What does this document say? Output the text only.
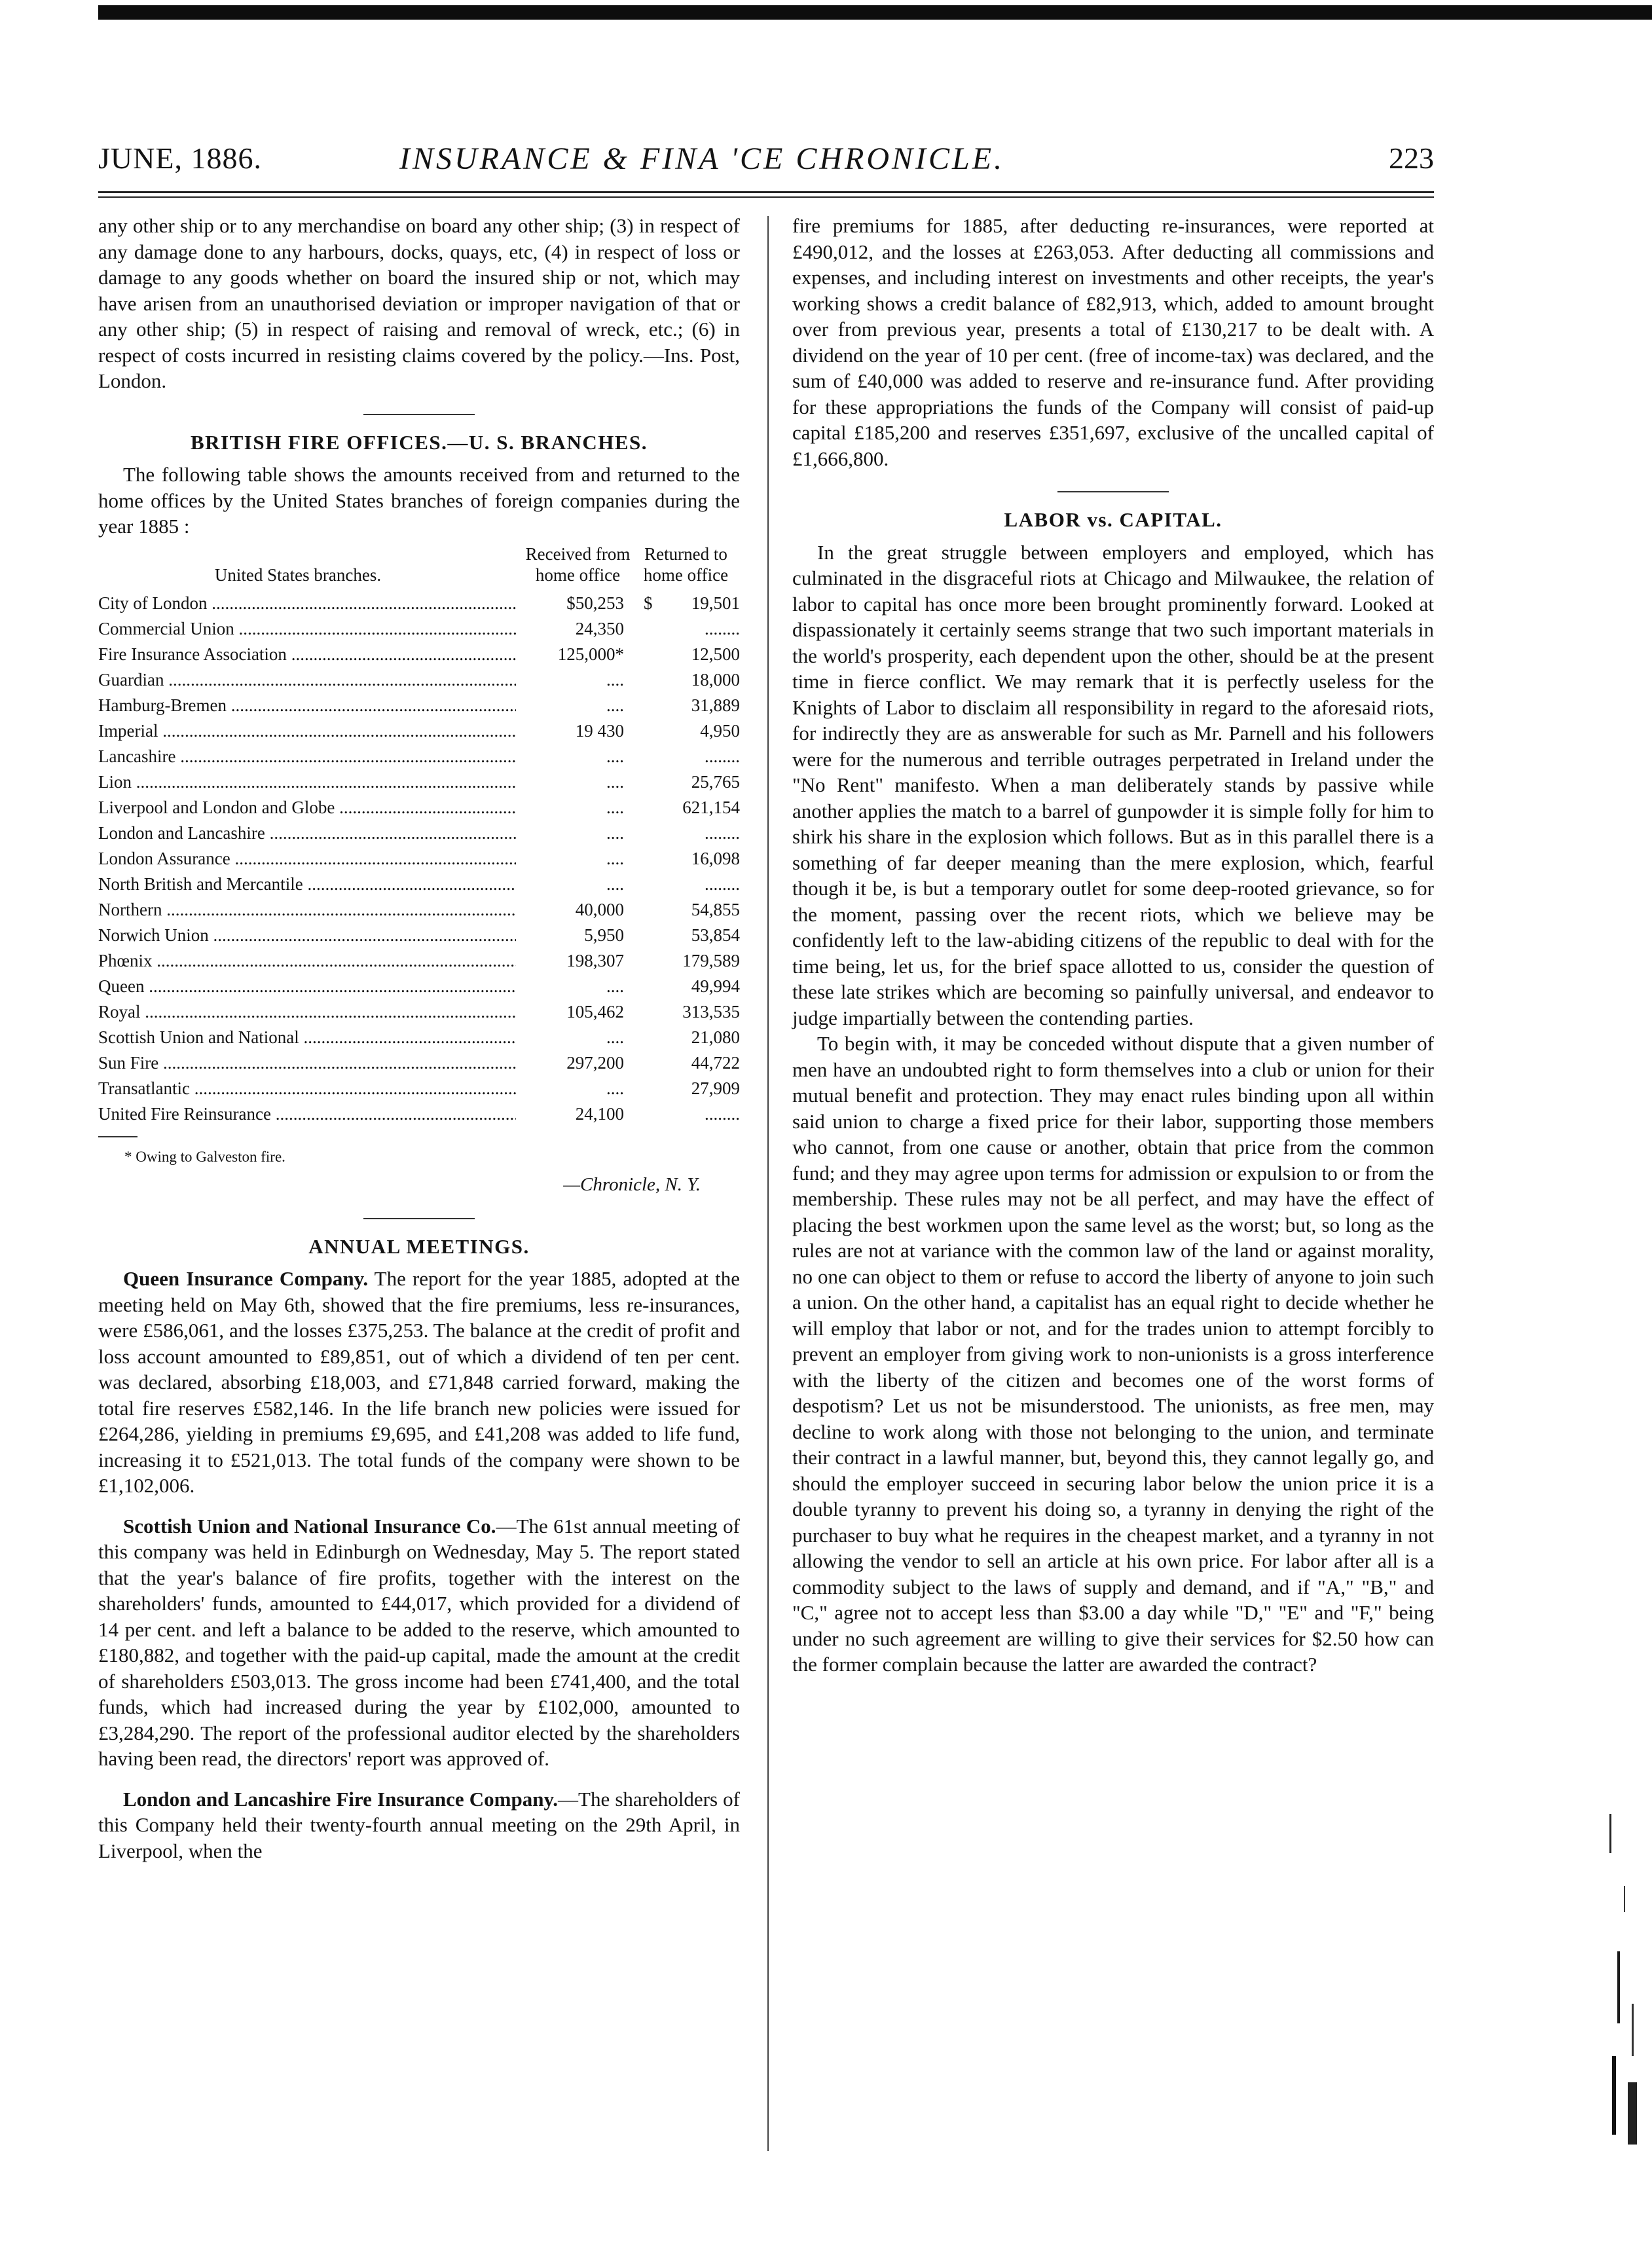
JUNE, 1886.	INSURANCE & FINA 'CE CHRONICLE.	223

any other ship or to any merchandise on board any other ship; (3) in respect of any damage done to any harbours, docks, quays, etc, (4) in respect of loss or damage to any goods whether on board the insured ship or not, which may have arisen from an unauthorised deviation or improper navigation of that or any other ship; (5) in respect of raising and removal of wreck, etc.; (6) in respect of costs incurred in resisting claims covered by the policy.—Ins. Post, London.

BRITISH FIRE OFFICES.—U. S. BRANCHES.

The following table shows the amounts received from and returned to the home offices by the United States branches of foreign companies during the year 1885 :

United States branches.
Received from home office
Returned to home office
City of London .....	$50,253	$ 19,501
Commercial Union .....	24,350	........
Fire Insurance Association .....	125,000*	12,500
Guardian .....	....	18,000
Hamburg-Bremen .....	....	31,889
Imperial .....	19 430	4,950
Lancashire .....	....	........
Lion .....	....	25,765
Liverpool and London and Globe .....	....	621,154
London and Lancashire .....	....	........
London Assurance .....	....	16,098
North British and Mercantile .....	....	........
Northern .....	40,000	54,855
Norwich Union .....	5,950	53,854
Phœnix .....	198,307	179,589
Queen .....	....	49,994
Royal .....	105,462	313,535
Scottish Union and National .....	....	21,080
Sun Fire .....	297,200	44,722
Transatlantic .....	....	27,909
United Fire Reinsurance .....	24,100	........
* Owing to Galveston fire.
—Chronicle, N. Y.
ANNUAL MEETINGS.

Queen Insurance Company. The report for the year 1885, adopted at the meeting held on May 6th, showed that the fire premiums, less re-insurances, were £586,061, and the losses £375,253. The balance at the credit of profit and loss account amounted to £89,851, out of which a dividend of ten per cent. was declared, absorbing £18,003, and £71,848 carried forward, making the total fire reserves £582,146. In the life branch new policies were issued for £264,286, yielding in premiums £9,695, and £41,208 was added to life fund, increasing it to £521,013. The total funds of the company were shown to be £1,102,006.

Scottish Union and National Insurance Co.—The 61st annual meeting of this company was held in Edinburgh on Wednesday, May 5. The report stated that the year's balance of fire profits, together with the interest on the shareholders' funds, amounted to £44,017, which provided for a dividend of 14 per cent. and left a balance to be added to the reserve, which amounted to £180,882, and together with the paid-up capital, made the amount at the credit of shareholders £503,013. The gross income had been £741,400, and the total funds, which had increased during the year by £102,000, amounted to £3,284,290. The report of the professional auditor elected by the shareholders having been read, the directors' report was approved of.

London and Lancashire Fire Insurance Company.—The shareholders of this Company held their twenty-fourth annual meeting on the 29th April, in Liverpool, when the

fire premiums for 1885, after deducting re-insurances, were reported at £490,012, and the losses at £263,053. After deducting all commissions and expenses, and including interest on investments and other receipts, the year's working shows a credit balance of £82,913, which, added to amount brought over from previous year, presents a total of £130,217 to be dealt with. A dividend on the year of 10 per cent. (free of income-tax) was declared, and the sum of £40,000 was added to reserve and re-insurance fund. After providing for these appropriations the funds of the Company will consist of paid-up capital £185,200 and reserves £351,697, exclusive of the uncalled capital of £1,666,800.

LABOR vs. CAPITAL.

In the great struggle between employers and employed, which has culminated in the disgraceful riots at Chicago and Milwaukee, the relation of labor to capital has once more been brought prominently forward. Looked at dispassionately it certainly seems strange that two such important materials in the world's prosperity, each dependent upon the other, should be at the present time in fierce conflict. We may remark that it is perfectly useless for the Knights of Labor to disclaim all responsibility in regard to the aforesaid riots, for indirectly they are as answerable for such as Mr. Parnell and his followers were for the numerous and terrible outrages perpetrated in Ireland under the "No Rent" manifesto. When a man deliberately stands by passive while another applies the match to a barrel of gunpowder it is simple folly for him to shirk his share in the explosion which follows. But as in this parallel there is a something of far deeper meaning than the mere explosion, which, fearful though it be, is but a temporary outlet for some deep-rooted grievance, so for the moment, passing over the recent riots, which we believe may be confidently left to the law-abiding citizens of the republic to deal with for the time being, let us, for the brief space allotted to us, consider the question of these late strikes which are becoming so painfully universal, and endeavor to judge impartially between the contending parties.

To begin with, it may be conceded without dispute that a given number of men have an undoubted right to form themselves into a club or union for their mutual benefit and protection. They may enact rules binding upon all within said union to charge a fixed price for their labor, supporting those members who cannot, from one cause or another, obtain that price from the common fund; and they may agree upon terms for admission or expulsion to or from the membership. These rules may not be all perfect, and may have the effect of placing the best workmen upon the same level as the worst; but, so long as the rules are not at variance with the common law of the land or against morality, no one can object to them or refuse to accord the liberty of anyone to join such a union. On the other hand, a capitalist has an equal right to decide whether he will employ that labor or not, and for the trades union to attempt forcibly to prevent an employer from giving work to non-unionists is a gross interference with the liberty of the citizen and becomes one of the worst forms of despotism? Let us not be misunderstood. The unionists, as free men, may decline to work along with those not belonging to the union, and terminate their contract in a lawful manner, but, beyond this, they cannot legally go, and should the employer succeed in securing labor below the union price it is a double tyranny to prevent his doing so, a tyranny in denying the right of the purchaser to buy what he requires in the cheapest market, and a tyranny in not allowing the vendor to sell an article at his own price. For labor after all is a commodity subject to the laws of supply and demand, and if "A," "B," and "C," agree not to accept less than $3.00 a day while "D," "E" and "F," being under no such agreement are willing to give their services for $2.50 how can the former complain because the latter are awarded the contract?
